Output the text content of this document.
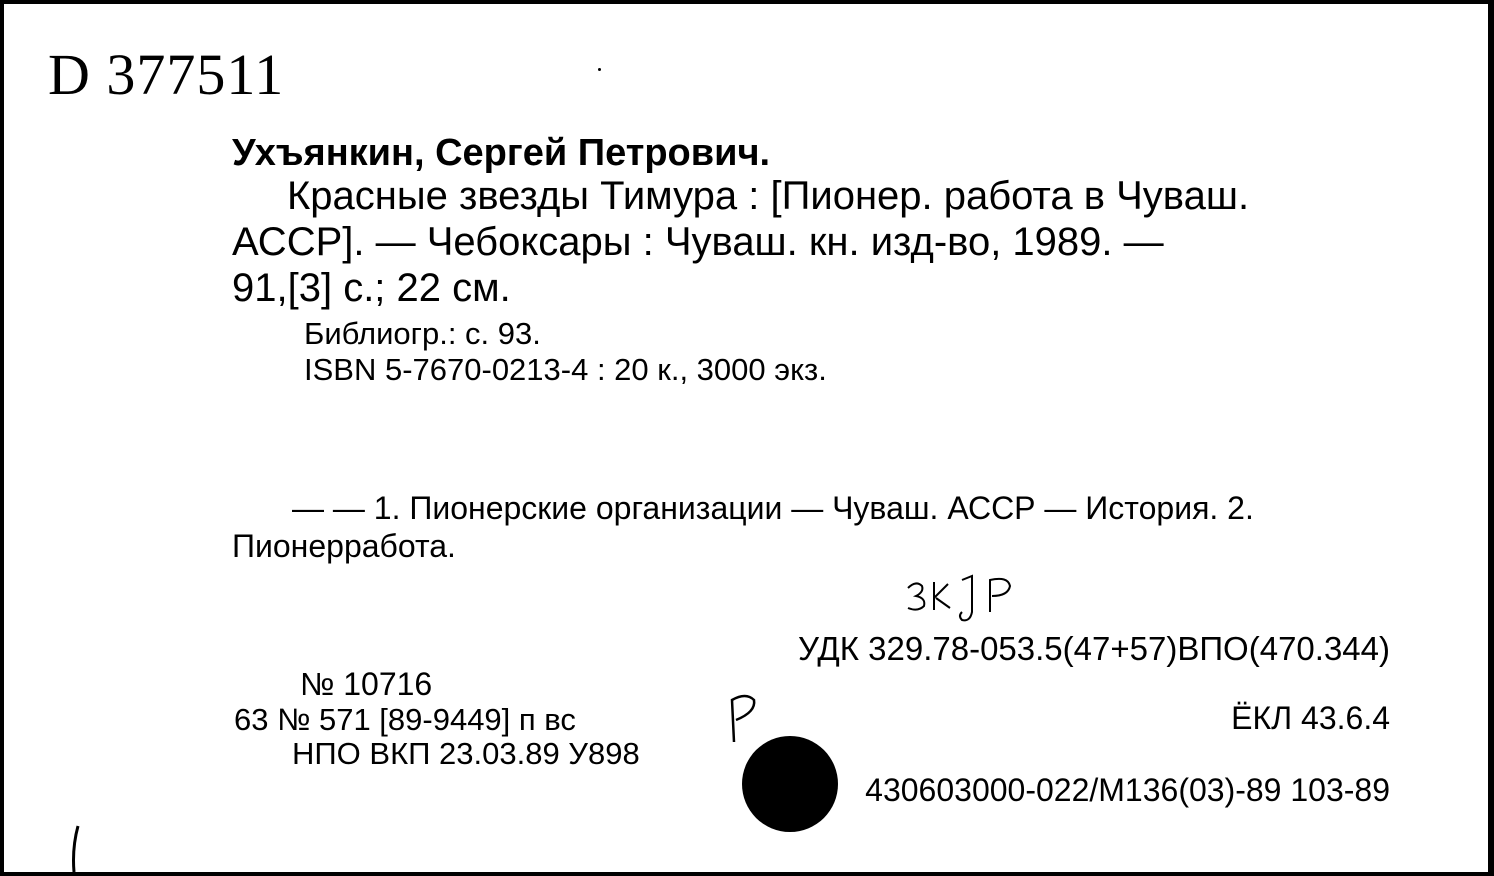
D 377511
Ухъянкин, Сергей Петрович.
Красные звезды Тимура : [Пионер. работа в Чуваш.
АССР]. — Чебоксары : Чуваш. кн. изд-во, 1989. —
91,[3] с.; 22 см.
Библиогр.: с. 93.
ISBN 5-7670-0213-4 : 20 к., 3000 экз.
— — 1. Пионерские организации — Чуваш. АССР — История. 2.
Пионерработа.
УДК 329.78-053.5(47+57)ВПО(470.344)
№ 10716
63 № 571 [89-9449] п вс
НПО ВКП 23.03.89 У898
ЁКЛ 43.6.4
430603000-022/М136(03)-89 103-89
